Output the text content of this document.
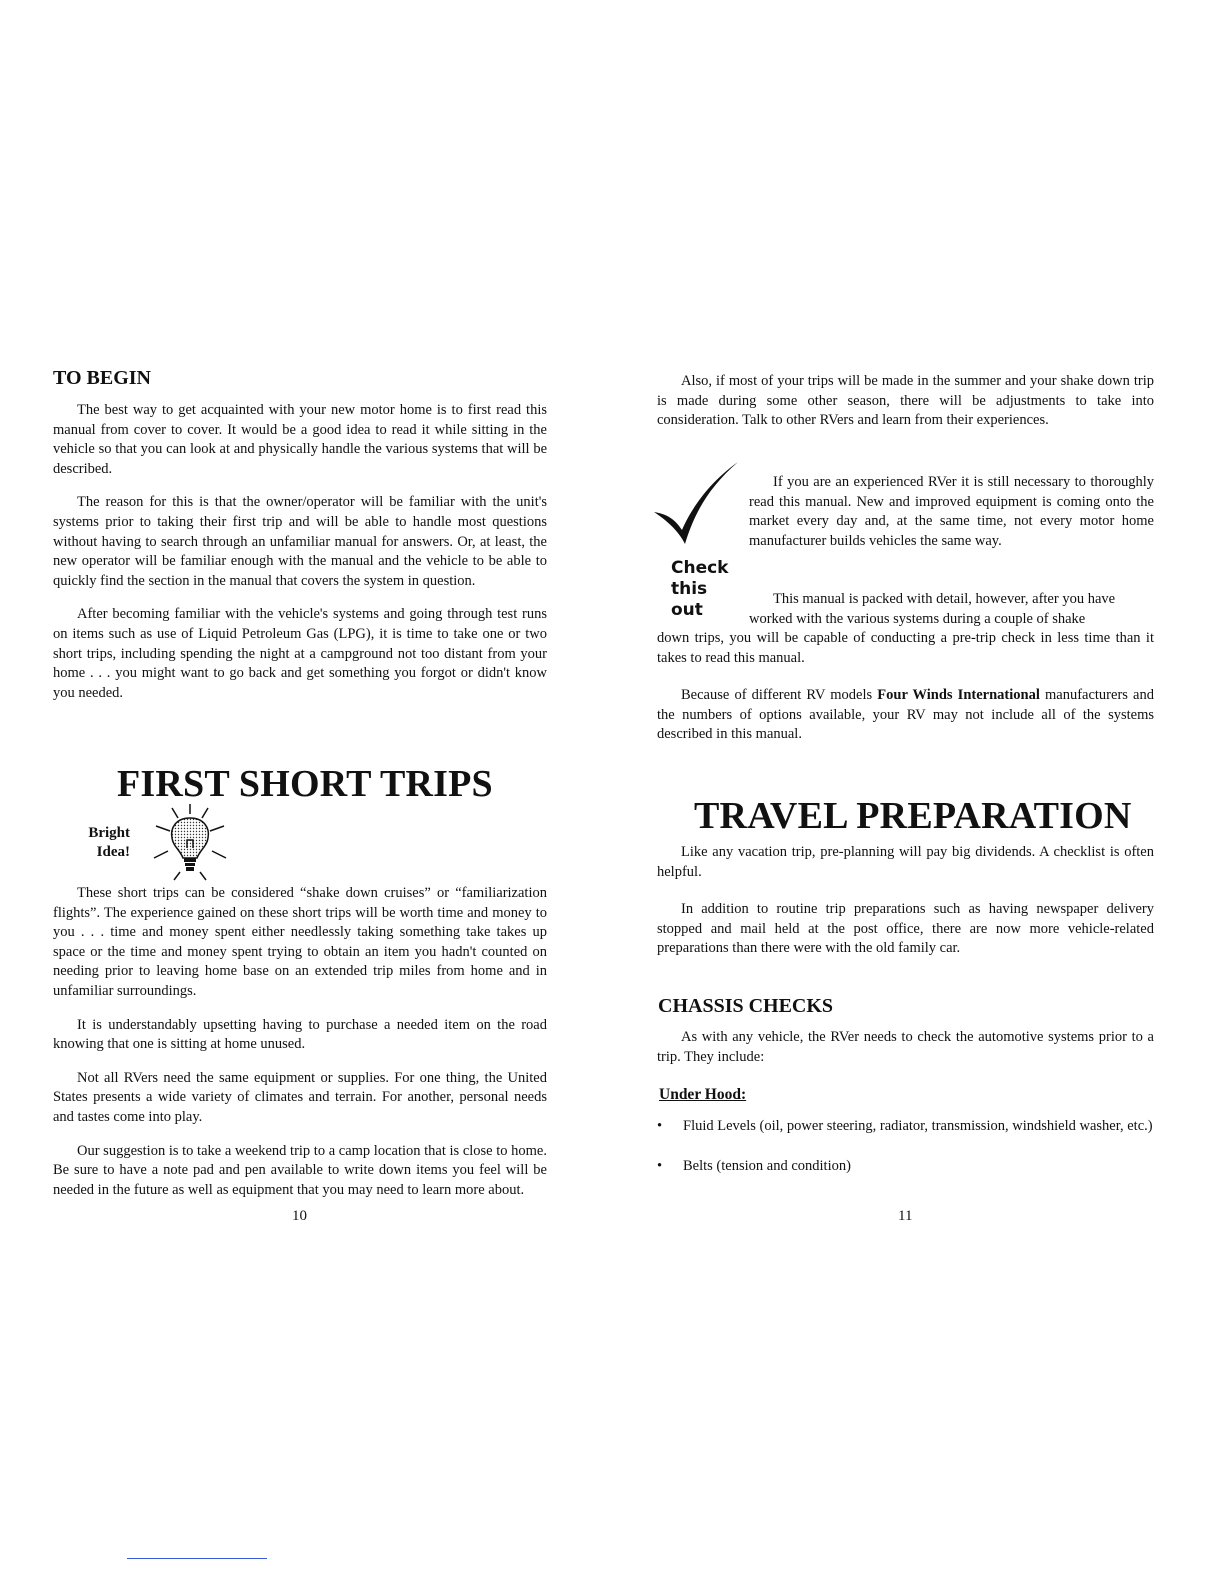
TO BEGIN

The best way to get acquainted with your new motor home is to first read this manual from cover to cover. It would be a good idea to read it while sitting in the vehicle so that you can look at and physically handle the various systems that will be described.

The reason for this is that the owner/operator will be familiar with the unit's systems prior to taking their first trip and will be able to handle most questions without having to search through an unfamiliar manual for answers. Or, at least, the new operator will be familiar enough with the manual and the vehicle to be able to quickly find the section in the manual that covers the system in question.

After becoming familiar with the vehicle's systems and going through test runs on items such as use of Liquid Petroleum Gas (LPG), it is time to take one or two short trips, including spending the night at a campground not too distant from your home . . . you might want to go back and get something you forgot or didn't know you needed.

FIRST SHORT TRIPS
Bright
Idea!

These short trips can be considered “shake down cruises” or “familiarization flights”. The experience gained on these short trips will be worth time and money to you . . . time and money spent either needlessly taking something take takes up space or the time and money spent trying to obtain an item you hadn't counted on needing prior to leaving home base on an extended trip miles from home and in unfamiliar surroundings.

It is understandably upsetting having to purchase a needed item on the road knowing that one is sitting at home unused.

Not all RVers need the same equipment or supplies. For one thing, the United States presents a wide variety of climates and terrain. For another, personal needs and tastes come into play.

Our suggestion is to take a weekend trip to a camp location that is close to home. Be sure to have a note pad and pen available to write down items you feel will be needed in the future as well as equipment that you may need to learn more about.

10

Also, if most of your trips will be made in the summer and your shake down trip is made during some other season, there will be adjustments to take into consideration. Talk to other RVers and learn from their experiences.

Check
this
out

If you are an experienced RVer it is still necessary to thoroughly read this manual. New and improved equipment is coming onto the market every day and, at the same time, not every motor home manufacturer builds vehicles the same way.

This manual is packed with detail, however, after you have

worked with the various systems during a couple of shake

down trips, you will be capable of conducting a pre-trip check in less time than it takes to read this manual.

Because of different RV models Four Winds International manufacturers and the numbers of options available, your RV may not include all of the systems described in this manual.

TRAVEL PREPARATION

Like any vacation trip, pre-planning will pay big dividends. A checklist is often helpful.

In addition to routine trip preparations such as having newspaper delivery stopped and mail held at the post office, there are now more vehicle-related preparations than there were with the old family car.

CHASSIS CHECKS

As with any vehicle, the RVer needs to check the automotive systems prior to a trip. They include:

Under Hood:
•	Fluid Levels (oil, power steering, radiator, transmission, windshield washer, etc.)
•	Belts (tension and condition)
11
